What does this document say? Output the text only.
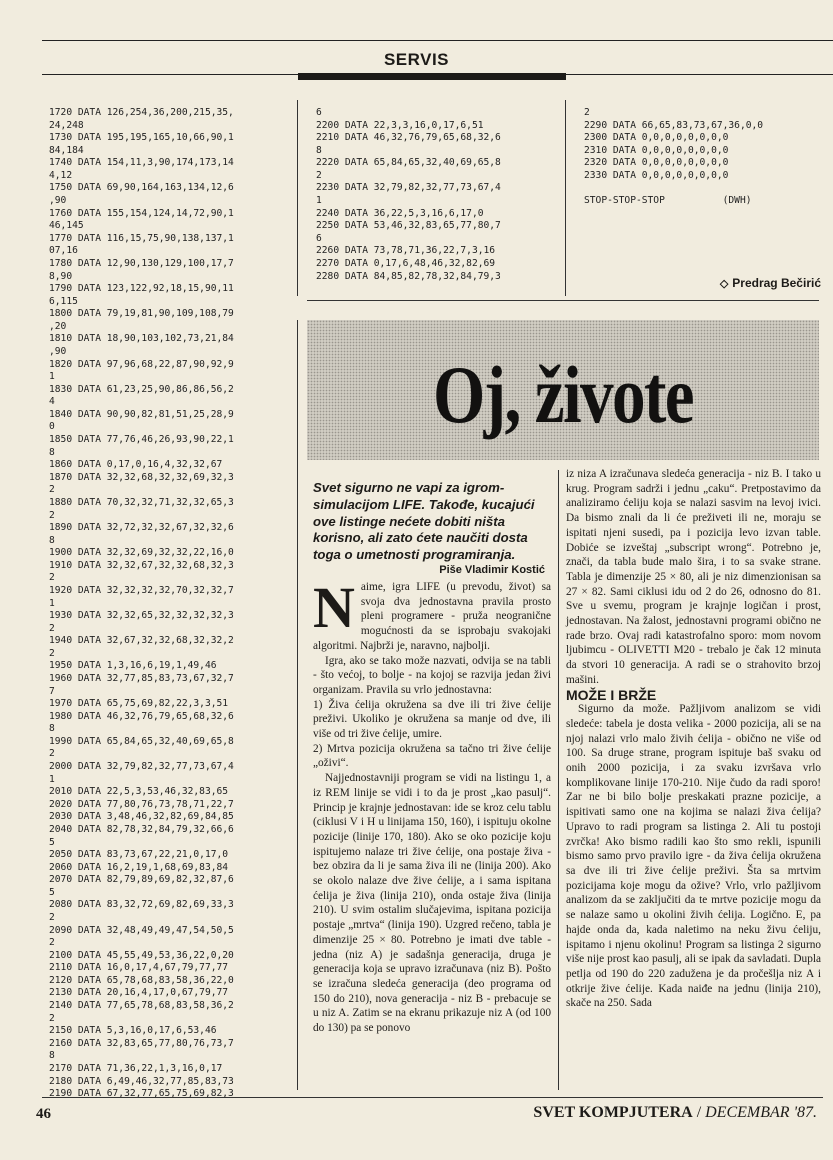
SERVIS
1720 DATA 126,254,36,200,215,35,
24,248
1730 DATA 195,195,165,10,66,90,1
84,184
1740 DATA 154,11,3,90,174,173,14
4,12
1750 DATA 69,90,164,163,134,12,6
,90
1760 DATA 155,154,124,14,72,90,1
46,145
1770 DATA 116,15,75,90,138,137,1
07,16
1780 DATA 12,90,130,129,100,17,7
8,90
1790 DATA 123,122,92,18,15,90,11
6,115
1800 DATA 79,19,81,90,109,108,79
,20
1810 DATA 18,90,103,102,73,21,84
,90
1820 DATA 97,96,68,22,87,90,92,9
1
1830 DATA 61,23,25,90,86,86,56,2
4
1840 DATA 90,90,82,81,51,25,28,9
0
1850 DATA 77,76,46,26,93,90,22,1
8
1860 DATA 0,17,0,16,4,32,32,67
1870 DATA 32,32,68,32,32,69,32,3
2
1880 DATA 70,32,32,71,32,32,65,3
2
1890 DATA 32,72,32,32,67,32,32,6
8
1900 DATA 32,32,69,32,32,22,16,0
1910 DATA 32,32,67,32,32,68,32,3
2
1920 DATA 32,32,32,32,70,32,32,7
1
1930 DATA 32,32,65,32,32,32,32,3
2
1940 DATA 32,67,32,32,68,32,32,2
2
1950 DATA 1,3,16,6,19,1,49,46
1960 DATA 32,77,85,83,73,67,32,7
7
1970 DATA 65,75,69,82,22,3,3,51
1980 DATA 46,32,76,79,65,68,32,6
8
1990 DATA 65,84,65,32,40,69,65,8
2
2000 DATA 32,79,82,32,77,73,67,4
1
2010 DATA 22,5,3,53,46,32,83,65
2020 DATA 77,80,76,73,78,71,22,7
2030 DATA 3,48,46,32,82,69,84,85
2040 DATA 82,78,32,84,79,32,66,6
5
2050 DATA 83,73,67,22,21,0,17,0
2060 DATA 16,2,19,1,68,69,83,84
2070 DATA 82,79,89,69,82,32,87,6
5
2080 DATA 83,32,72,69,82,69,33,3
2
2090 DATA 32,48,49,49,47,54,50,5
2
2100 DATA 45,55,49,53,36,22,0,20
2110 DATA 16,0,17,4,67,79,77,77
2120 DATA 65,78,68,83,58,36,22,0
2130 DATA 20,16,4,17,0,67,79,77
2140 DATA 77,65,78,68,83,58,36,2
2
2150 DATA 5,3,16,0,17,6,53,46
2160 DATA 32,83,65,77,80,76,73,7
8
2170 DATA 71,36,22,1,3,16,0,17
2180 DATA 6,49,46,32,77,85,83,73
2190 DATA 67,32,77,65,75,69,82,3
6
2200 DATA 22,3,3,16,0,17,6,51
2210 DATA 46,32,76,79,65,68,32,6
8
2220 DATA 65,84,65,32,40,69,65,8
2
2230 DATA 32,79,82,32,77,73,67,4
1
2240 DATA 36,22,5,3,16,6,17,0
2250 DATA 53,46,32,83,65,77,80,7
6
2260 DATA 73,78,71,36,22,7,3,16
2270 DATA 0,17,6,48,46,32,82,69
2280 DATA 84,85,82,78,32,84,79,3
2
2290 DATA 66,65,83,73,67,36,0,0
2300 DATA 0,0,0,0,0,0,0,0
2310 DATA 0,0,0,0,0,0,0,0
2320 DATA 0,0,0,0,0,0,0,0
2330 DATA 0,0,0,0,0,0,0,0

STOP-STOP-STOP          (DWH)
◇ Predrag Bečirić
Oj, živote
Svet sigurno ne vapi za igrom-simulacijom LIFE. Takođe, kucajući ove listinge nećete dobiti ništa korisno, ali zato ćete naučiti dosta toga o umetnosti programiranja.
Piše Vladimir Kostić

Naime, igra LIFE (u prevodu, život) sa svoja dva jednostavna pravila prosto pleni programere - pruža neogranične mogućnosti da se isprobaju svakojaki algoritmi. Najbrži je, naravno, najbolji.

Igra, ako se tako može nazvati, odvija se na tabli - što većoj, to bolje - na kojoj se razvija jedan živi organizam. Pravila su vrlo jednostavna:

1) Živa ćelija okružena sa dve ili tri žive ćelije preživi. Ukoliko je okružena sa manje od dve, ili više od tri žive ćelije, umire.

2) Mrtva pozicija okružena sa tačno tri žive ćelije „oživi“.

Najjednostavniji program se vidi na listingu 1, a iz REM linije se vidi i to da je prost „kao pasulj“. Princip je krajnje jednostavan: ide se kroz celu tablu (ciklusi V i H u linijama 150, 160), i ispituju okolne pozicije (linije 170, 180). Ako se oko pozicije koju ispitujemo nalaze tri žive ćelije, ona postaje živa - bez obzira da li je sama živa ili ne (linija 200). Ako se okolo nalaze dve žive ćelije, a i sama ispitana ćelija je živa (linija 210), onda ostaje živa (linija 210). U svim ostalim slučajevima, ispitana pozicija postaje „mrtva“ (linija 190). Uzgred rečeno, tabla je dimenzije 25 × 80. Potrebno je imati dve table - jedna (niz A) je sadašnja generacija, druga je generacija koja se upravo izračunava (niz B). Pošto se izračuna sledeća generacija (deo programa od 150 do 210), nova generacija - niz B - prebacuje se u niz A. Zatim se na ekranu prikazuje niz A (od 100 do 130) pa se ponovo

iz niza A izračunava sledeća generacija - niz B. I tako u krug. Program sadrži i jednu „caku“. Pretpostavimo da analiziramo ćeliju koja se nalazi sasvim na levoj ivici. Da bismo znali da li će preživeti ili ne, moraju se ispitati njeni susedi, pa i pozicija levo izvan table. Dobiće se izveštaj „subscript wrong“. Potrebno je, znači, da tabla bude malo šira, i to sa svake strane. Tabla je dimenzije 25 × 80, ali je niz dimenzionisan sa 27 × 82. Sami ciklusi idu od 2 do 26, odnosno do 81. Sve u svemu, program je krajnje logičan i prost, jednostavan. Na žalost, jednostavni programi obično ne rade brzo. Ovaj radi katastrofalno sporo: mom novom ljubimcu - OLIVETTI M20 - trebalo je čak 12 minuta da stvori 10 generacija. A radi se o strahovito brzoj mašini.

MOŽE I BRŽE

Sigurno da može. Pažljivom analizom se vidi sledeće: tabela je dosta velika - 2000 pozicija, ali se na njoj nalazi vrlo malo živih ćelija - obično ne više od 100. Sa druge strane, program ispituje baš svaku od onih 2000 pozicija, i za svaku izvršava vrlo komplikovane linije 170-210. Nije čudo da radi sporo! Zar ne bi bilo bolje preskakati prazne pozicije, a ispitivati samo one na kojima se nalazi živa ćelija? Upravo to radi program sa listinga 2. Ali tu postoji zvrčka! Ako bismo radili kao što smo rekli, ispunili bismo samo prvo pravilo igre - da živa ćelija okružena sa dve ili tri žive ćelije preživi. Šta sa mrtvim pozicijama koje mogu da ožive? Vrlo, vrlo pažljivom analizom da se zaključiti da te mrtve pozicije mogu da se nalaze samo u okolini živih ćelija. Logično. E, pa hajde onda da, kada naletimo na neku živu ćeliju, ispitamo i njenu okolinu! Program sa listinga 2 sigurno više nije prost kao pasulj, ali se ipak da savladati. Dupla petlja od 190 do 220 zadužena je da pročešlja niz A i otkrije žive ćelije. Kada naiđe na jednu (linija 210), skače na 250. Sada

46	SVET KOMPJUTERA / DECEMBAR '87.
